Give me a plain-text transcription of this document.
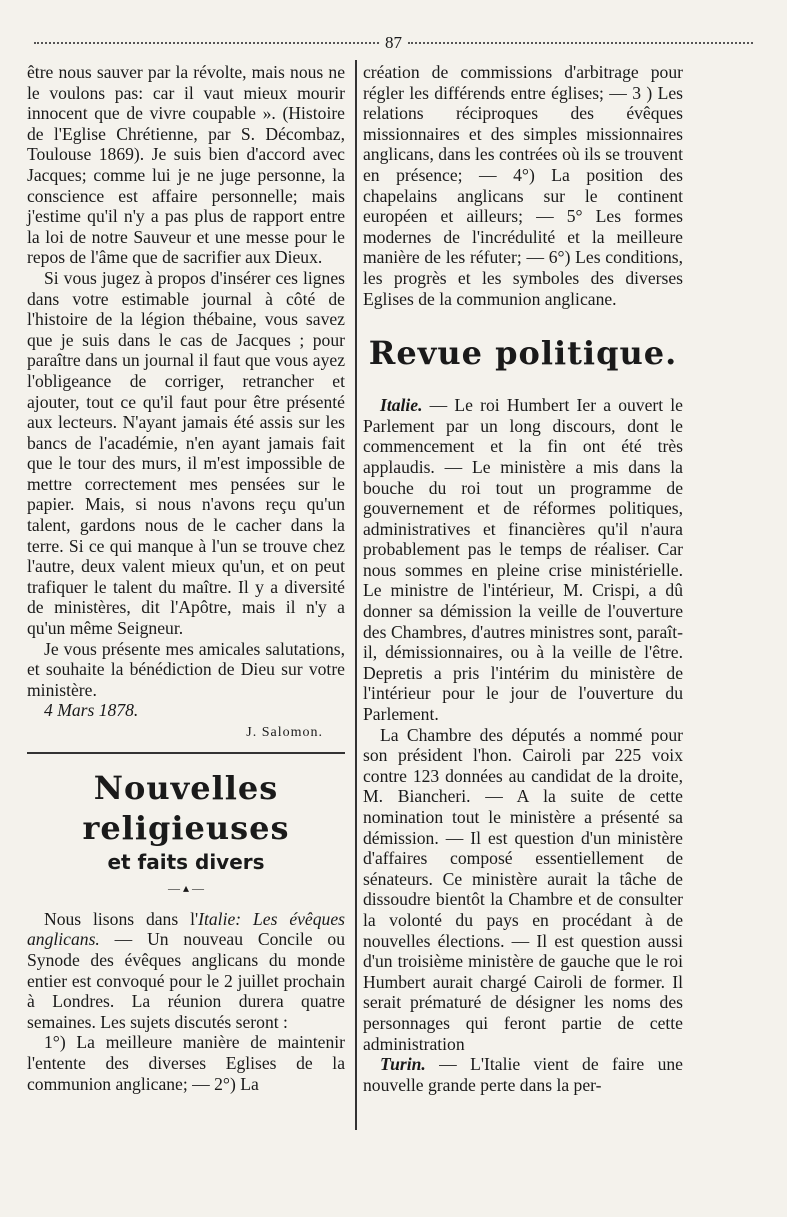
87

être nous sauver par la révolte, mais nous ne le voulons pas: car il vaut mieux mourir innocent que de vivre coupable ». (Histoire de l'Eglise Chrétienne, par S. Décombaz, Toulouse 1869). Je suis bien d'accord avec Jacques; comme lui je ne juge personne, la conscience est affaire personnelle; mais j'estime qu'il n'y a pas plus de rapport entre la loi de notre Sauveur et une messe pour le repos de l'âme que de sacrifier aux Dieux.

Si vous jugez à propos d'insérer ces lignes dans votre estimable journal à côté de l'histoire de la légion thébaine, vous savez que je suis dans le cas de Jacques ; pour paraître dans un journal il faut que vous ayez l'obligeance de corriger, retrancher et ajouter, tout ce qu'il faut pour être présenté aux lecteurs. N'ayant jamais été assis sur les bancs de l'académie, n'en ayant jamais fait que le tour des murs, il m'est impossible de mettre correctement mes pensées sur le papier. Mais, si nous n'avons reçu qu'un talent, gardons nous de le cacher dans la terre. Si ce qui manque à l'un se trouve chez l'autre, deux valent mieux qu'un, et on peut trafiquer le talent du maître. Il y a diversité de ministères, dit l'Apôtre, mais il n'y a qu'un même Seigneur.

Je vous présente mes amicales salutations, et souhaite la bénédiction de Dieu sur votre ministère.

4 Mars 1878.

J. Salomon.
Nouvelles religieuses
et faits divers
— ▴ —

Nous lisons dans l'Italie: Les évêques anglicans. — Un nouveau Concile ou Synode des évêques anglicans du monde entier est convoqué pour le 2 juillet prochain à Londres. La réunion durera quatre semaines. Les sujets discutés seront :

1°) La meilleure manière de maintenir l'entente des diverses Eglises de la communion anglicane; — 2°) La

création de commissions d'arbitrage pour régler les différends entre églises; — 3 ) Les relations réciproques des évêques missionnaires et des simples missionnaires anglicans, dans les contrées où ils se trouvent en présence; — 4°) La position des chapelains anglicans sur le continent européen et ailleurs; — 5° Les formes modernes de l'incrédulité et la meilleure manière de les réfuter; — 6°) Les conditions, les progrès et les symboles des diverses Eglises de la communion anglicane.

Revue politique.

Italie. — Le roi Humbert Ier a ouvert le Parlement par un long discours, dont le commencement et la fin ont été très applaudis. — Le ministère a mis dans la bouche du roi tout un programme de gouvernement et de réformes politiques, administratives et financières qu'il n'aura probablement pas le temps de réaliser. Car nous sommes en pleine crise ministérielle. Le ministre de l'intérieur, M. Crispi, a dû donner sa démission la veille de l'ouverture des Chambres, d'autres ministres sont, paraît-il, démissionnaires, ou à la veille de l'être. Depretis a pris l'intérim du ministère de l'intérieur pour le jour de l'ouverture du Parlement.

La Chambre des députés a nommé pour son président l'hon. Cairoli par 225 voix contre 123 données au candidat de la droite, M. Biancheri. — A la suite de cette nomination tout le ministère a présenté sa démission. — Il est question d'un ministère d'affaires composé essentiellement de sénateurs. Ce ministère aurait la tâche de dissoudre bientôt la Chambre et de consulter la volonté du pays en procédant à de nouvelles élections. — Il est question aussi d'un troisième ministère de gauche que le roi Humbert aurait chargé Cairoli de former. Il serait prématuré de désigner les noms des personnages qui feront partie de cette administration

Turin. — L'Italie vient de faire une nouvelle grande perte dans la per-
